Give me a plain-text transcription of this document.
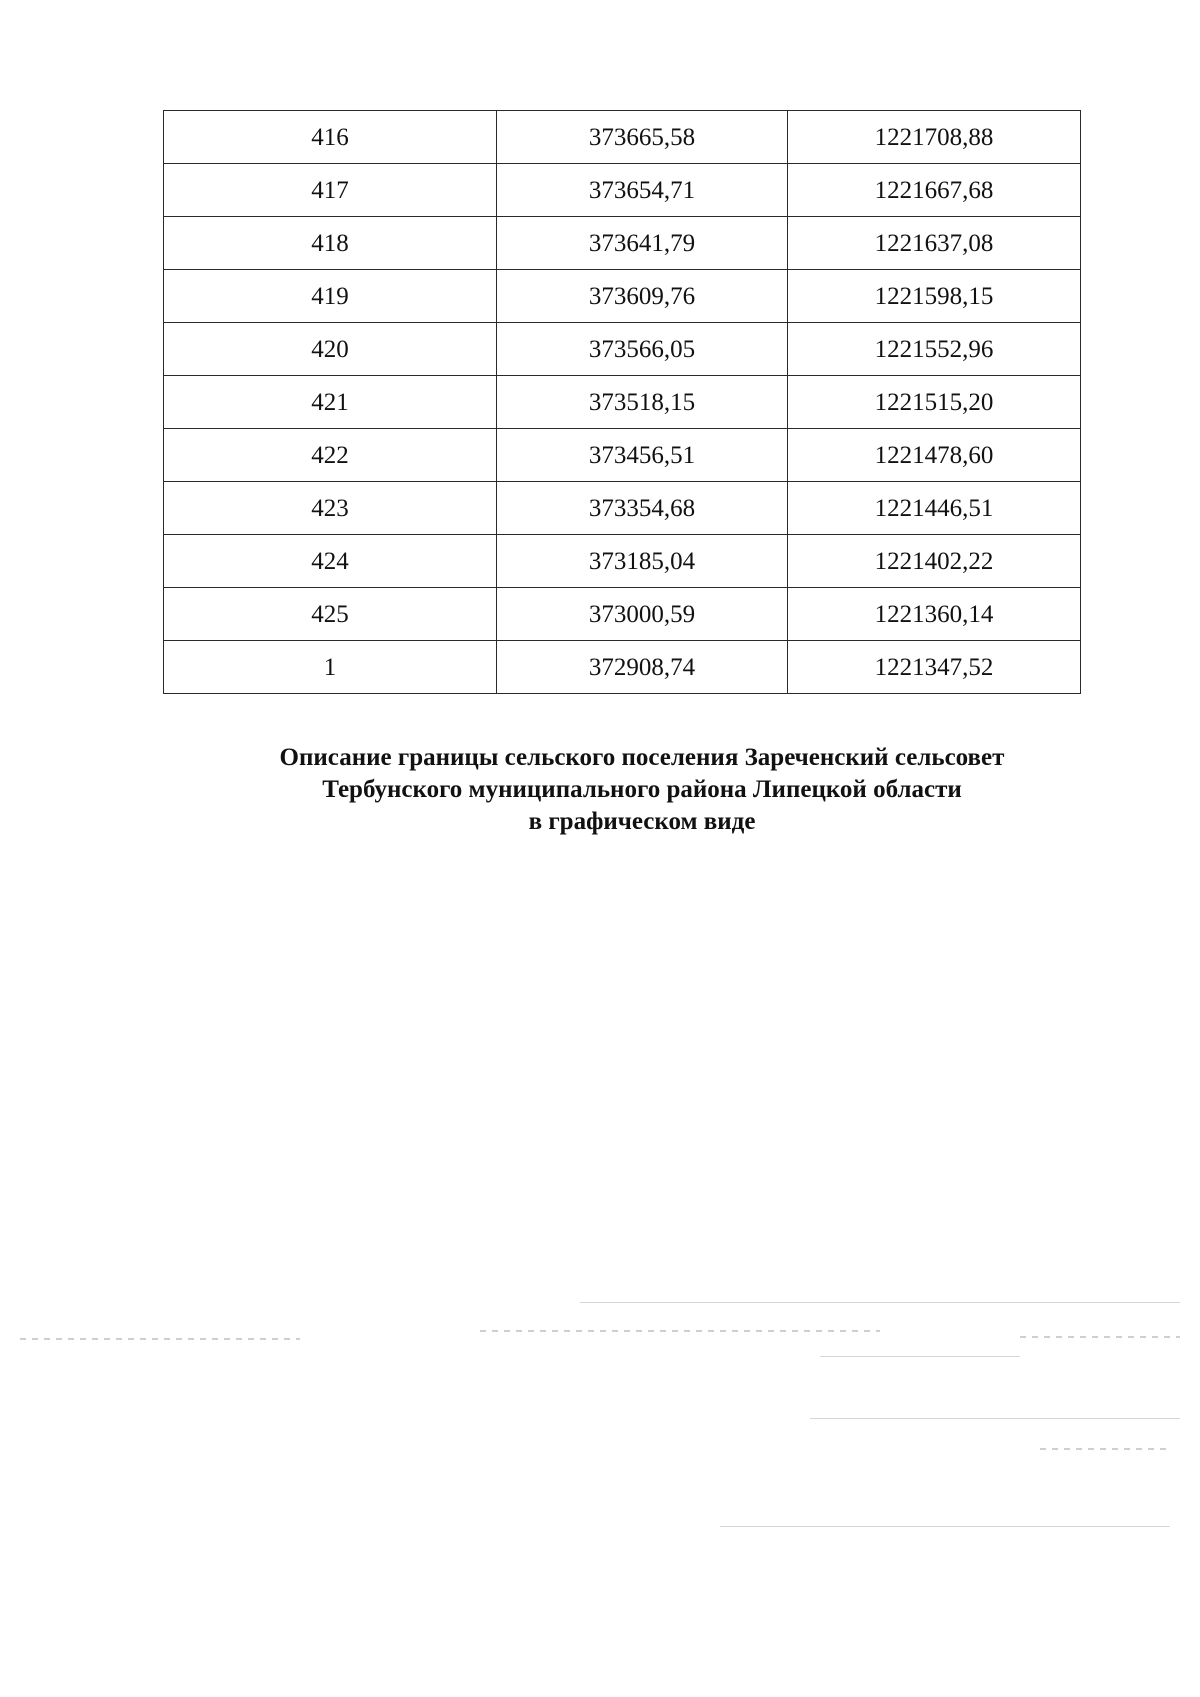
416	373665,58	1221708,88
417	373654,71	1221667,68
418	373641,79	1221637,08
419	373609,76	1221598,15
420	373566,05	1221552,96
421	373518,15	1221515,20
422	373456,51	1221478,60
423	373354,68	1221446,51
424	373185,04	1221402,22
425	373000,59	1221360,14
1	372908,74	1221347,52
Описание границы сельского поселения Зареченский сельсовет
Тербунского муниципального района Липецкой области
в графическом виде
